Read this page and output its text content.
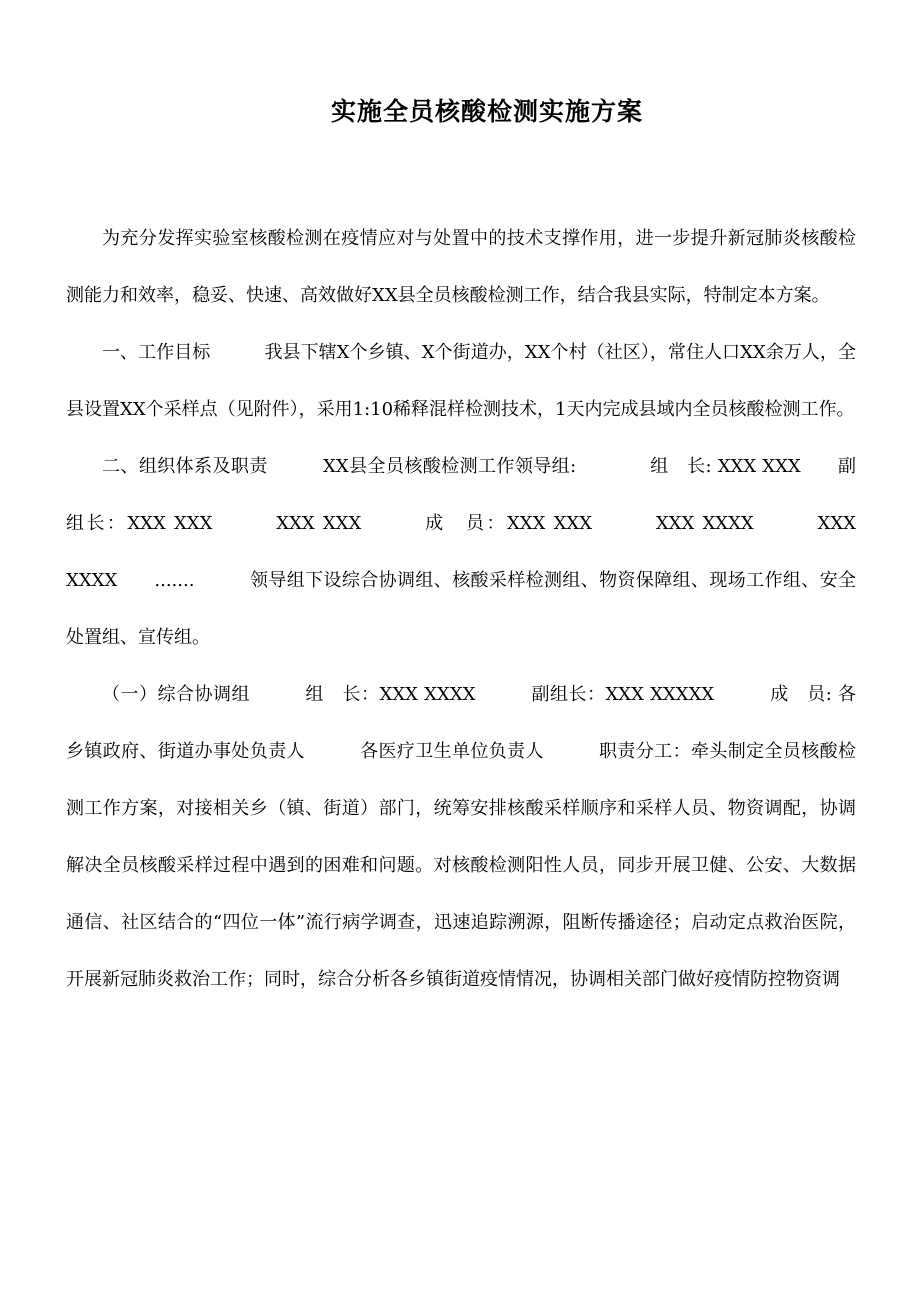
实施全员核酸检测实施方案

为充分发挥实验室核酸检测在疫情应对与处置中的技术支撑作用，进一步提升新冠肺炎核酸检测能力和效率，稳妥、快速、高效做好XX县全员核酸检测工作，结合我县实际，特制定本方案。

一、工作目标　　　我县下辖X个乡镇、X个街道办，XX个村（社区），常住人口XX余万人，全县设置XX个采样点（见附件），采用1:10稀释混样检测技术，1天内完成县域内全员核酸检测工作。

二、组织体系及职责　　　XX县全员核酸检测工作领导组:　　　　组　长: XXX XXX　　副组长：XXX XXX　　　XXX XXX　　　成　员：XXX XXX　　　XXX XXXX　　　XXX XXXX　　.......　　　领导组下设综合协调组、核酸采样检测组、物资保障组、现场工作组、安全处置组、宣传组。

（一）综合协调组　　　组　长：XXX XXXX　　　副组长：XXX XXXXX　　　成　员: 各乡镇政府、街道办事处负责人　　　各医疗卫生单位负责人　　　职责分工：牵头制定全员核酸检测工作方案，对接相关乡（镇、街道）部门，统筹安排核酸采样顺序和采样人员、物资调配，协调解决全员核酸采样过程中遇到的困难和问题。对核酸检测阳性人员，同步开展卫健、公安、大数据通信、社区结合的“四位一体”流行病学调查，迅速追踪溯源，阻断传播途径；启动定点救治医院，开展新冠肺炎救治工作；同时，综合分析各乡镇街道疫情情况，协调相关部门做好疫情防控物资调
